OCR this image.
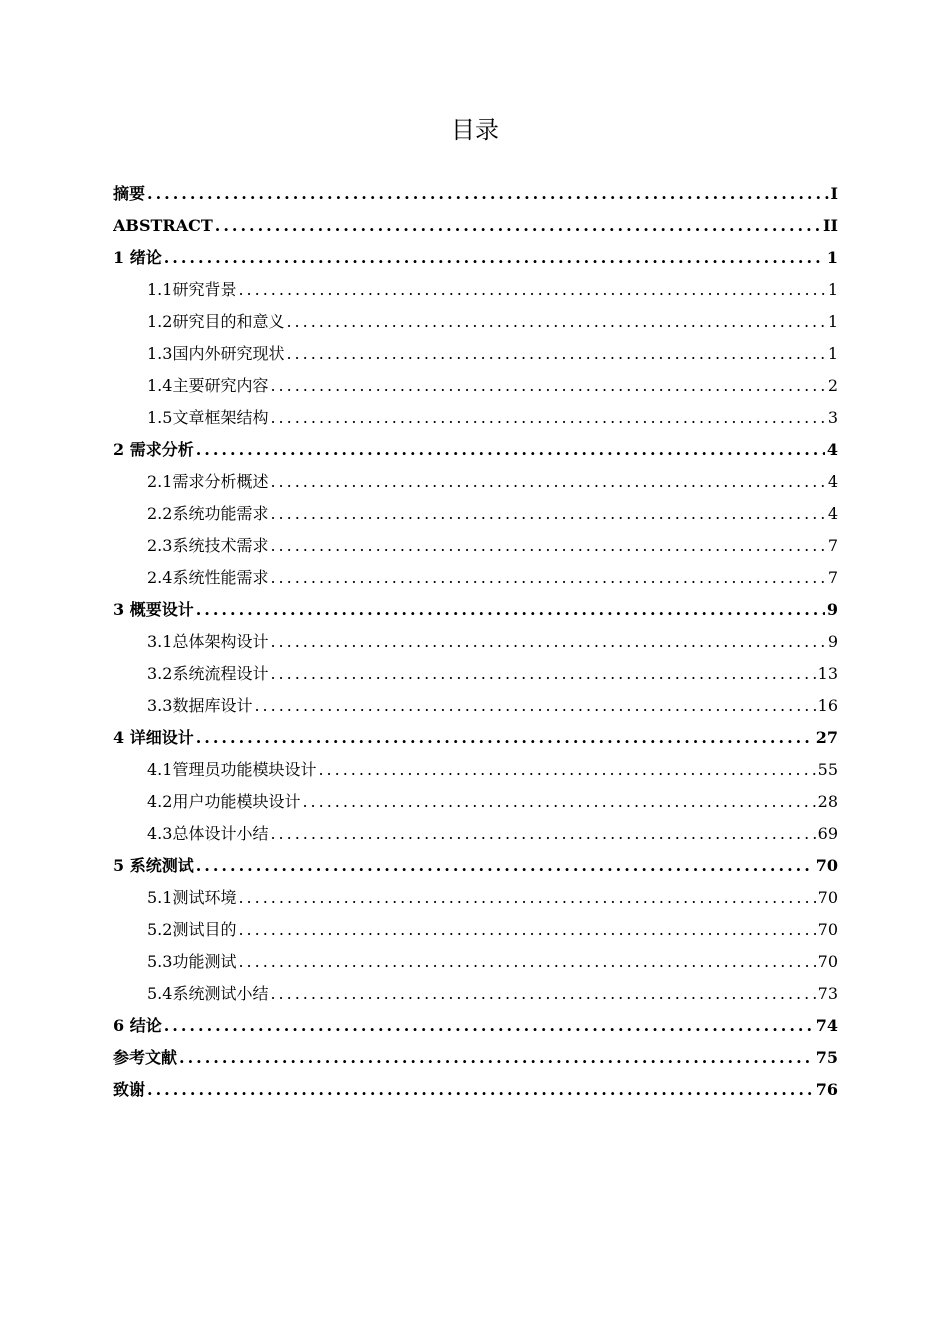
目录
摘要 .....	I
ABSTRACT .....	II
1 绪论 .....	1
1.1研究背景 .....	1
1.2研究目的和意义 .....	1
1.3国内外研究现状 .....	1
1.4主要研究内容 .....	2
1.5文章框架结构 .....	3
2 需求分析 .....	4
2.1需求分析概述 .....	4
2.2系统功能需求 .....	4
2.3系统技术需求 .....	7
2.4系统性能需求 .....	7
3 概要设计 .....	9
3.1总体架构设计 .....	9
3.2系统流程设计 .....	13
3.3数据库设计 .....	16
4 详细设计 .....	27
4.1管理员功能模块设计 .....	55
4.2用户功能模块设计 .....	28
4.3总体设计小结 .....	69
5 系统测试 .....	70
5.1测试环境 .....	70
5.2测试目的 .....	70
5.3功能测试 .....	70
5.4系统测试小结 .....	73
6 结论 .....	74
参考文献 .....	75
致谢 .....	76
